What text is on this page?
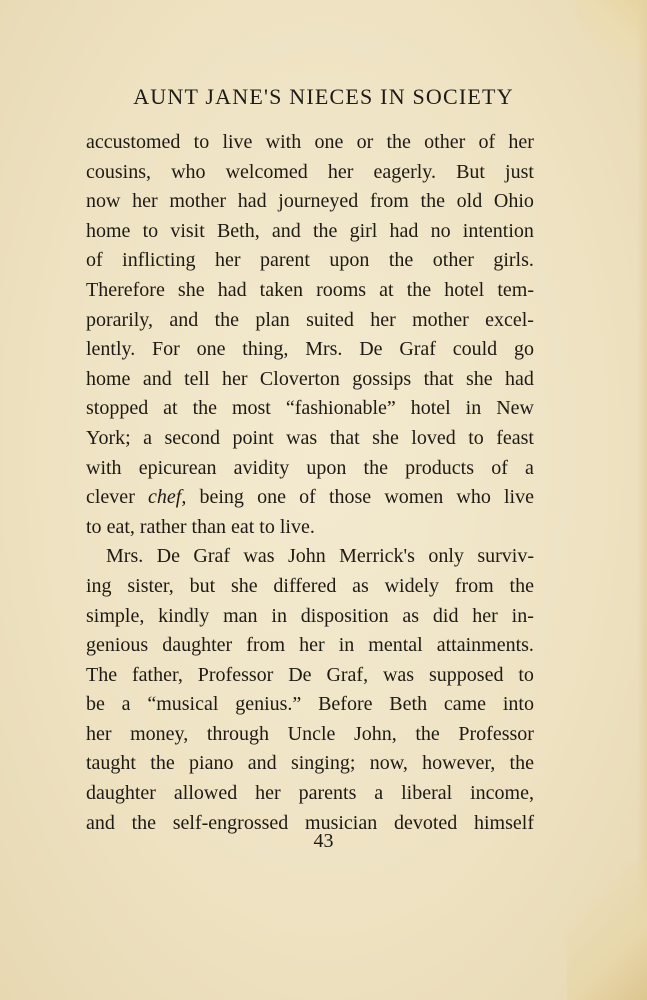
AUNT JANE'S NIECES IN SOCIETY
accustomed to live with one or the other of her
cousins, who welcomed her eagerly. But just
now her mother had journeyed from the old Ohio
home to visit Beth, and the girl had no intention
of inflicting her parent upon the other girls.
Therefore she had taken rooms at the hotel tem-
porarily, and the plan suited her mother excel-
lently. For one thing, Mrs. De Graf could go
home and tell her Cloverton gossips that she had
stopped at the most “fashionable” hotel in New
York; a second point was that she loved to feast
with epicurean avidity upon the products of a
clever chef, being one of those women who live
to eat, rather than eat to live.
Mrs. De Graf was John Merrick's only surviv-
ing sister, but she differed as widely from the
simple, kindly man in disposition as did her in-
genious daughter from her in mental attainments.
The father, Professor De Graf, was supposed to
be a “musical genius.” Before Beth came into
her money, through Uncle John, the Professor
taught the piano and singing; now, however, the
daughter allowed her parents a liberal income,
and the self-engrossed musician devoted himself
43
